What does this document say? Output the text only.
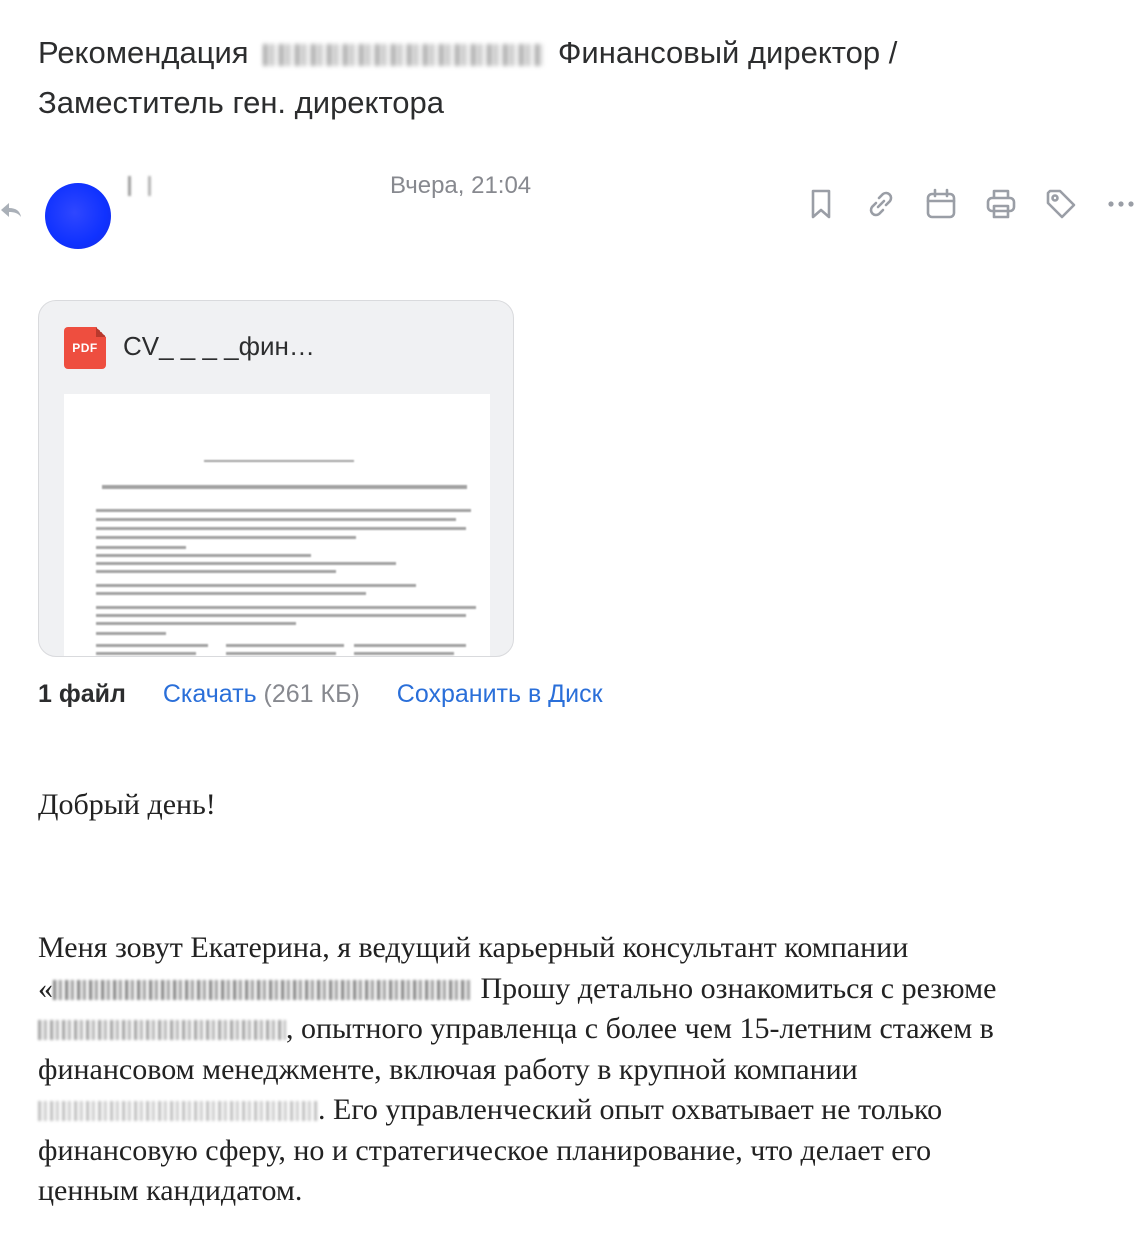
Рекомендация	Финансовый директор /
Заместитель ген. директора
Вчера, 21:04
PDF CV_ _ _ _фин…
1 файл Скачать (261 КБ) Сохранить в Диск
Добрый день!
Меня зовут Екатерина, я ведущий карьерный консультант компании
«	Прошу детально ознакомиться с резюме
, опытного управленца с более чем 15-летним стажем в
финансовом менеджменте, включая работу в крупной компании
. Его управленческий опыт охватывает не только
финансовую сферу, но и стратегическое планирование, что делает его
ценным кандидатом.
